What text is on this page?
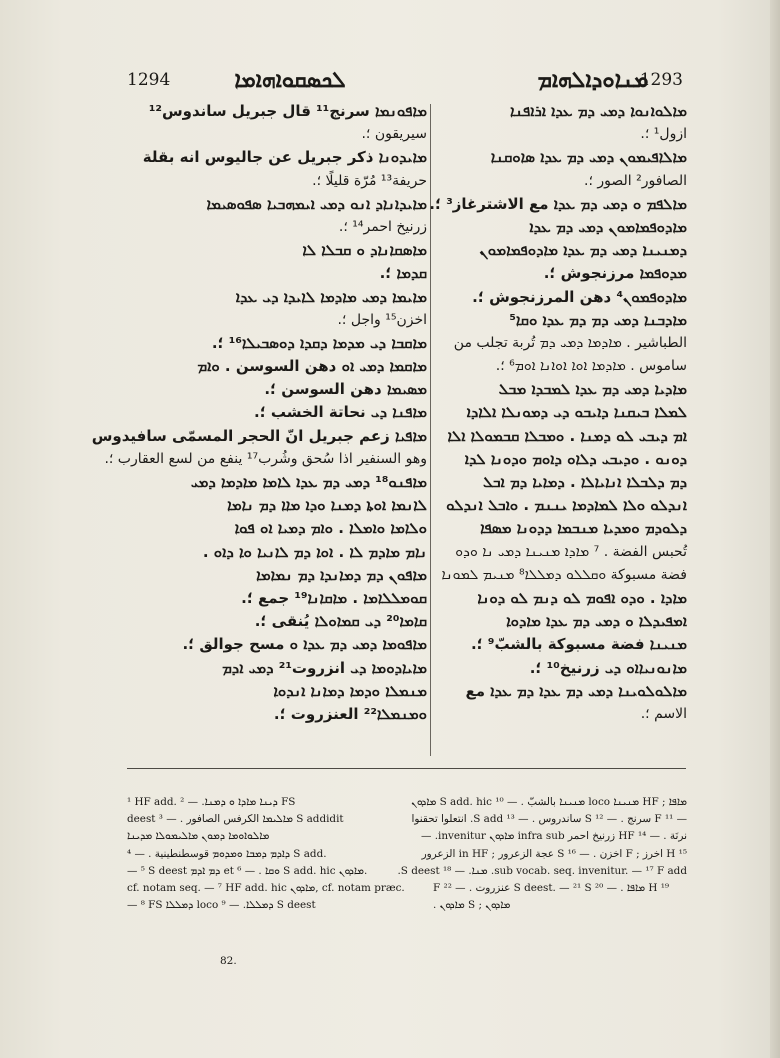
1294	ܠܟܣܩܘܐܗܐܡܐ	ܡܢܐܘܕܐܠܗܐܡ
1293
ܡܐܦܘܢܡܐ سرنج¹¹ قال جبريل ساندوس¹²
سيريقون ؛.
ܡܐܝܕܘܢܐ ذكر جبريل عن جاليوس انه بقلة
حريفة¹³ مُرّة قليلًا ؛.
ܡܐܝܕܐܢܐܕ ܐܢܘ ܕܡܝ ܐܝܡܗܒܝܐ ܣܦܘܣܝܡܐ
زرنيخ احمر¹⁴ ؛.
ܡܐܣܩܐܢܐܕ ܘ ܩܒܠܐ ܠܐ
ܩܕܡܐ ؛.
ܡܐܝܡܐ ܕܡܝ ܡܐܕܡܐ ܠܐܝܕܐ ܕܝ ܥܕܐ
اخزن¹⁵ واجل ؛.
ܡܐܩܒܐ ܕܝ ܡܕܡܐ ܕܩܕܐ ܕܘܣܒܝܠܐ¹⁶ ؛.
ܡܐܩܡܐ ܕܡܝ ܐܘ دهن السوسن . ܘܐܡ
ܡܣܝܡܐ دهن السوسن ؛.
ܡܐܦܢܐ ܕܝ نحاتة الخشب ؛.
ܡܐܦܝܐ زعم جبريل انّ الحجر المسمّى سافيدوس
وهو السنفير اذا سُحق وشُرب¹⁷ ينفع من لسع العقارب ؛.
ܡܐܦܢܘ¹⁸ ܕܡܝ ܕܡ ܥܕܐ ܠܐܡܐ ܡܐܕܡܐ ܕܡܝ
ܠܐܢܡܐ ܐܘܬܐ ܕܡܢܐ ܘܕܐ ܡܐܐ ܕܡ ܢܐܡܐ
ܘܠܐܡܐ ܘܐܡܠܐ . ܘܐܡ ܕܡܝܐ ܐܘ ܦܘܐ
ܢܐܡ ܡܐܕܡ ܠܐ . ܐܘܐ ܕܡ ܠܐܢܝܐ ܘܐ ܕܐܘ .
ܡܐܦܘܢ ܕܡ ܕܡܐܢܕܐ ܕܡ ܢܡܐܡܐ
ܩܘܡܠܠܐܡܐ . ܡܐܩܐܢܐ¹⁹ جمع ؛.
ܩܐܡܐ²⁰ ܕܝ ܩܡܐܘܠܐ يُنقى ؛.
ܡܐܦܘܡܐ ܕܡܝ ܕܡ ܥܕܐ ܘ مسح جوالق ؛.
ܡܐܝܐܕܘܡܐ ܕܝ انزروت²¹ ܕܡܝ ܐܕܡ
ܡܢܡܠܐ ܘܕܡܐ ܕܡܐܢܐ ܐܢܕܘܐ
ܘܡܢܡܠܐ²² العنزروت ؛.
ܡܐܠܘܐܢܘܐ ܕܡܝ ܕܡ ܥܕܐ ܐܪܐܦܢܐ
ازول¹ ؛.
ܡܐܠܐܦܝܡܘܢ ܕܡܝ ܕܡ ܥܕܐ ܣܐܘܩܢܐ
الصافور² الصور ؛.
ܡܐܠܦܡ ܘ ܕܡܝ ܕܡ ܥܕܐ مع الاشترغاز³ ؛.
ܡܐܕܘܦܡܐܡܘܢ ܕܡܝ ܕܡ ܥܕܐ
ܕܡܢܝܢܐ ܕܡܝ ܕܡ ܥܕܐ ܡܐܕܘܦܡܐܡܘܢ
ܡܕܘܦܡܐ مرزنجوش ؛.
ܡܐܕܘܦܡܘܢ⁴ دهن المرزنجوش ؛.
ܡܐܕܒܢܐ ܕܡܝ ܕܡ ܕܡ ܥܕܐ ܘܩܐ⁵
الطباشير . ܡܐܕܡܐ ܕܡܝ ܕܡ تُربة تجلب من
ساموس . ܡܐܕܡܐ ܐܘܐ ܐܘܐܢܐ ܐܘܡ⁶ ؛.
ܡܐܕܝܐ ܕܡܝ ܕܡ ܥܕܐ ܠܡܒܕܐ ܡܒܠ
ܠܡܠܐ ܒܝܩܢܐ ܕܐܝܒܘ ܕܝ ܕܡܘܢܠܐ ܐܠܐܕܐ
ܐܡ ܕܝܒܝ ܠܘ ܕܡܢܐ . ܘܡܒܠܐ ܩܒܡܘܠܐ ܐܠܐ
ܕܘܢܘ . ܘܕܝܒܝ ܕܠܐܘ ܕܐܘܡ ܘܕܘܢܐ ܠܕܐ
ܕܡ ܕܠܒܠܐ ܐܢܐܝܐܠܐ . ܕܡܐܝܐ ܕܡ ܐܒܠ
ܐܢܕܠܘ ܘܠܐ ܠܡܐܕܡܐ ܝܢܢܡ . ܘܐܒܠ ܐܢܕܠܘ
ܕܠܘܕܡ ܘܡܕܝܐ ܡܢܒܡܐ ܕܕܘܢܐ ܡܣܦܐ
تُحبس الفضة . ⁷ ܡܐܕܐ ܡܢܝܢܐ ܕܡܝ ܢܐ ܘܕܘ
فضة مسبوكة ܘܩܠܠܘ ܕܡܠܠܐ⁸ ܡܢܝܡ ܠܡܘܢܐ
ܡܐܕܐ . ܘܕܘ ܐܦܘܡ ܠܘ ܕܢܡ ܠܘ ܕܘܢܐ
ܐܡܦܝܕܠܐ ܘ ܕܡܝ ܕܡ ܥܕܐ ܡܐܕܘܐ
ܡܢܝܢܐ فضة مسبوكة بالشبّ⁹ ؛.
ܡܐܢܘܢܝܐܐܘ ܕܝ زرنيخ¹⁰ ؛.
ܡܐܠܘܠܘܝܢܐ ܕܡܝ ܕܡ ܥܕܐ ܕܡ ܥܕܐ مع
الاسم ؛.
¹ HF add. ܕܝܢܐ ܡܐܕܐ ܘ ܕܡܢܐ. — ² FS
deest ܡܐܠܝܡܐ الكرفس الصافور . — ³ S addidit
ܡܐܠܘܐܘܡܐ ܕܡܘܢ ܡܐܠܝܡܘܠܐ ܡܕܝܢܐ
ܕܐܕܡ ܕܡܒܐ ܘܡܕܘܡ قوسطنطينية . — ⁴ S add.
— ⁵ S deest ܕܡ ܐܕܡ et ܘܩܐ . — ⁶ S add. hic ܡܐܕܘܢ.
cf. notam seq. — ⁷ HF add. hic ܡܐܕܘܢ, cf. notam præc.
— ⁸ FS ܕܡܠܠܐ loco ܕܡܠܠܐ. — ⁹ S deest
ܡܐܦܐ ; HF ܡܢܝܢܐ loco ܡܢܝܢܐ بالشبّ . — ¹⁰ S add. hic ܡܐܕܘܢ
— ¹¹ F سرنج . — ¹² S ساندروس . — ¹³ S add. انتعلوا تحقنوا
نرنَة . — ¹⁴ HF زرنيخ احمر infra sub ܡܐܕܘܢ invenitur. —
¹⁵ H اخرز ; F اخزن . — ¹⁶ S عجة الزعرور ; in HF الزعرور
sub vocab. seq. invenitur. — ¹⁷ F add. ܡܢܐ. — ¹⁸ S deest.
¹⁹ H ܡܐܦܐ . — ²⁰ S deest. — ²¹ S عنزروت . — ²² F
ܡܐܕܘܢ ; S ܡܐܕܘܢ .
82.
